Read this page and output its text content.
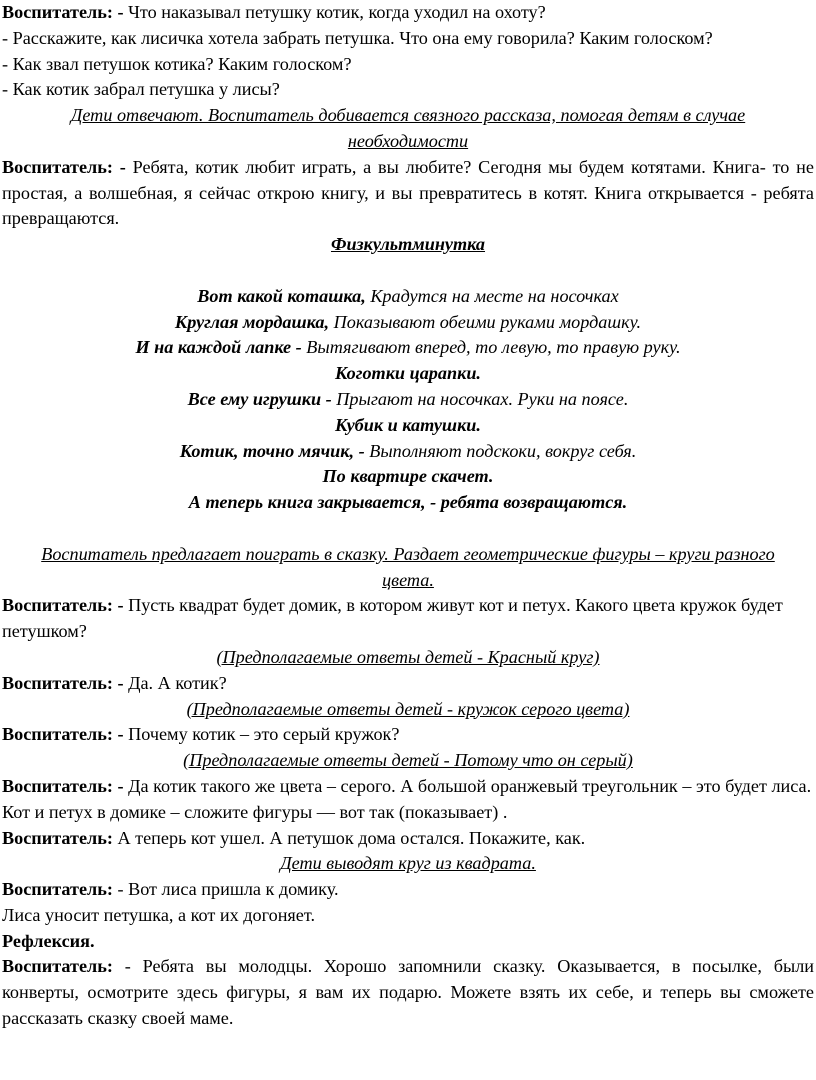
Воспитатель: - Что наказывал петушку котик, когда уходил на охоту?

- Расскажите, как лисичка хотела забрать петушка. Что она ему говорила? Каким голоском?

- Как звал петушок котика? Каким голоском?

- Как котик забрал петушка у лисы?

Дети отвечают. Воспитатель добивается связного рассказа, помогая детям в случае необходимости

Воспитатель: - Ребята, котик любит играть, а вы любите? Сегодня мы будем котятами. Книга- то не простая, а волшебная, я сейчас открою книгу, и вы превратитесь в котят. Книга открывается - ребята превращаются.

Физкультминутка

Вот какой коташка, Крадутся на месте на носочках

Круглая мордашка, Показывают обеими руками мордашку.

И на каждой лапке - Вытягивают вперед, то левую, то правую руку.

Коготки царапки.

Все ему игрушки - Прыгают на носочках. Руки на поясе.

Кубик и катушки.

Котик, точно мячик, - Выполняют подскоки, вокруг себя.

По квартире скачет.

А теперь книга закрывается, - ребята возвращаются.

Воспитатель предлагает поиграть в сказку. Раздает геометрические фигуры – круги разного цвета.

Воспитатель: - Пусть квадрат будет домик, в котором живут кот и петух. Какого цвета кружок будет петушком?

(Предполагаемые ответы детей - Красный круг)

Воспитатель: - Да. А котик?

(Предполагаемые ответы детей - кружок серого цвета)

Воспитатель: - Почему котик – это серый кружок?

(Предполагаемые ответы детей - Потому что он серый)

Воспитатель: - Да котик такого же цвета – серого. А большой оранжевый треугольник – это будет лиса. Кот и петух в домике – сложите фигуры — вот так (показывает) .

Воспитатель: А теперь кот ушел. А петушок дома остался. Покажите, как.

Дети выводят круг из квадрата.

Воспитатель: - Вот лиса пришла к домику.

Лиса уносит петушка, а кот их догоняет.

Рефлексия.

Воспитатель: - Ребята вы молодцы. Хорошо запомнили сказку. Оказывается, в посылке, были конверты, осмотрите здесь фигуры, я вам их подарю. Можете взять их себе, и теперь вы сможете рассказать сказку своей маме.
